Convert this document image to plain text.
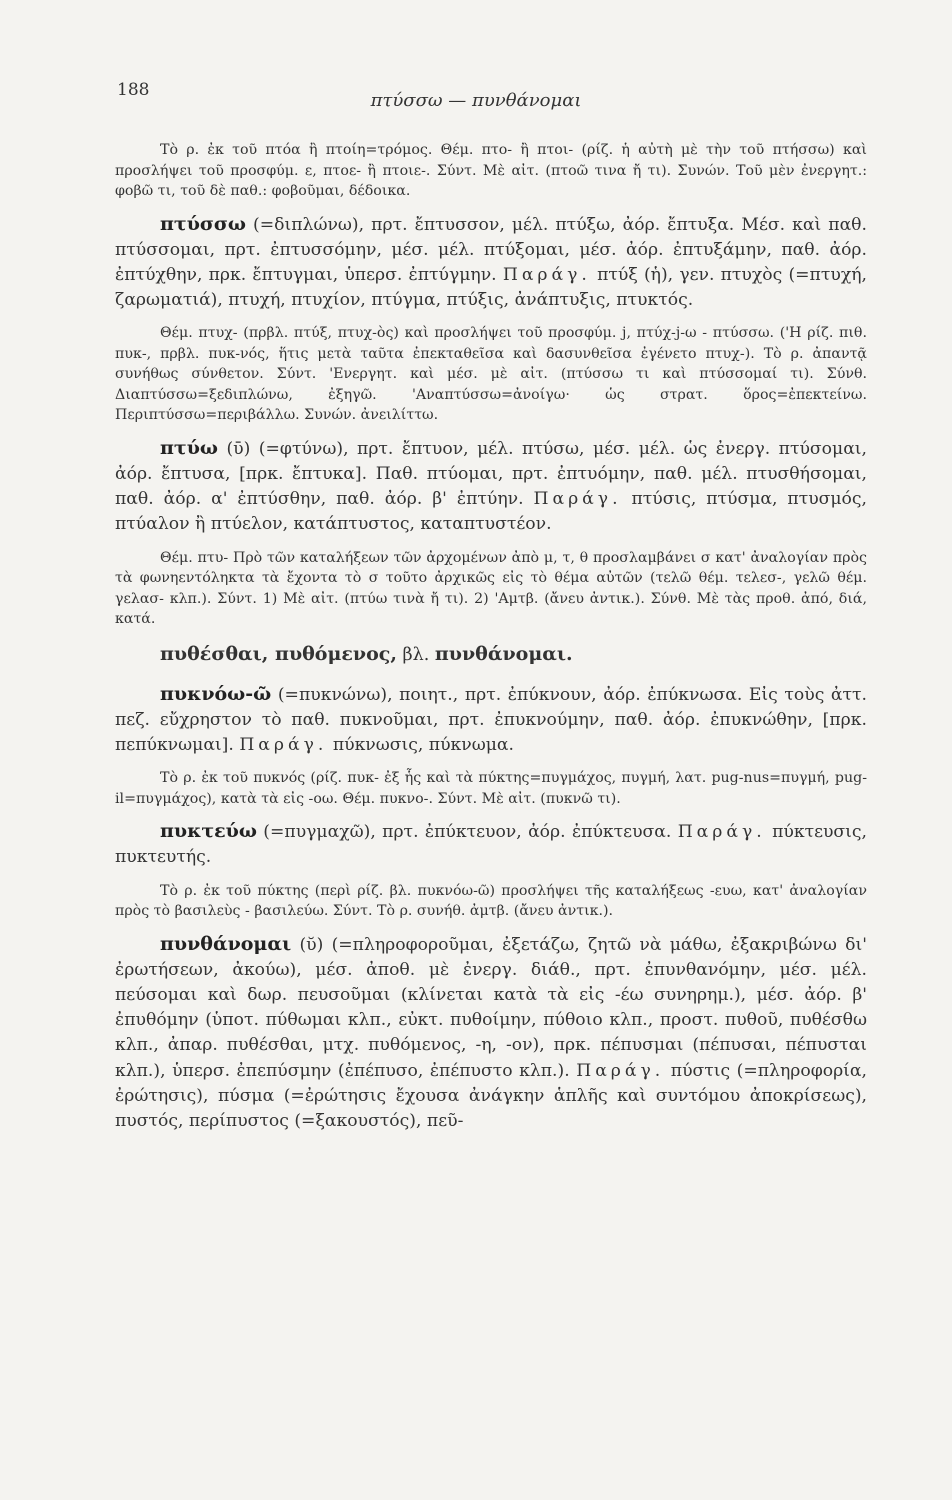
188	πτύσσω — πυνθάνομαι

Τὸ ρ. ἐκ τοῦ πτόα ἢ πτοίη=τρόμος. Θέμ. πτο- ἢ πτοι- (ρίζ. ἡ αὐτὴ μὲ τὴν τοῦ πτήσσω) καὶ προσλήψει τοῦ προσφύμ. ε, πτοε- ἢ πτοιε-. Σύντ. Μὲ αἰτ. (πτοῶ τινα ἤ τι). Συνών. Τοῦ μὲν ἐνεργητ.: φοβῶ τι, τοῦ δὲ παθ.: φοβοῦμαι, δέδοικα.

πτύσσω (=διπλώνω), πρτ. ἔπτυσσον, μέλ. πτύξω, ἀόρ. ἔπτυξα. Μέσ. καὶ παθ. πτύσσομαι, πρτ. ἐπτυσσόμην, μέσ. μέλ. πτύξομαι, μέσ. ἀόρ. ἐπτυξάμην, παθ. ἀόρ. ἐπτύχθην, πρκ. ἔπτυγμαι, ὑπερσ. ἐπτύγμην. Παράγ. πτύξ (ἡ), γεν. πτυχὸς (=πτυχή, ζαρωματιά), πτυχή, πτυχίον, πτύγμα, πτύξις, ἀνάπτυξις, πτυκτός.

Θέμ. πτυχ- (πρβλ. πτύξ, πτυχ-ὸς) καὶ προσλήψει τοῦ προσφύμ. j, πτύχ-j-ω - πτύσσω. ('Η ρίζ. πιθ. πυκ-, πρβλ. πυκ-νός, ἥτις μετὰ ταῦτα ἐπεκταθεῖσα καὶ δασυνθεῖσα ἐγένετο πτυχ-). Τὸ ρ. ἀπαντᾷ συνήθως σύνθετον. Σύντ. 'Ενεργητ. καὶ μέσ. μὲ αἰτ. (πτύσσω τι καὶ πτύσσομαί τι). Σύνθ. Διαπτύσσω=ξεδιπλώνω, ἐξηγῶ. 'Αναπτύσσω=ἀνοίγω· ὡς στρατ. ὅρος=ἐπεκτείνω. Περιπτύσσω=περιβάλλω. Συνών. ἀνειλίττω.

πτύω (ῡ) (=φτύνω), πρτ. ἔπτυον, μέλ. πτύσω, μέσ. μέλ. ὡς ἐνεργ. πτύσομαι, ἀόρ. ἔπτυσα, [πρκ. ἔπτυκα]. Παθ. πτύομαι, πρτ. ἐπτυόμην, παθ. μέλ. πτυσθήσομαι, παθ. ἀόρ. α' ἐπτύσθην, παθ. ἀόρ. β' ἐπτύην. Παράγ. πτύσις, πτύσμα, πτυσμός, πτύαλον ἢ πτύελον, κατάπτυστος, καταπτυστέον.

Θέμ. πτυ- Πρὸ τῶν καταλήξεων τῶν ἀρχομένων ἀπὸ μ, τ, θ προσλαμβάνει σ κατ' ἀναλογίαν πρὸς τὰ φωνηεντόληκτα τὰ ἔχοντα τὸ σ τοῦτο ἀρχικῶς εἰς τὸ θέμα αὐτῶν (τελῶ θέμ. τελεσ-, γελῶ θέμ. γελασ- κλπ.). Σύντ. 1) Μὲ αἰτ. (πτύω τινὰ ἤ τι). 2) 'Αμτβ. (ἄνευ ἀντικ.). Σύνθ. Μὲ τὰς προθ. ἀπό, διά, κατά.

πυθέσθαι, πυθόμενος, βλ. πυνθάνομαι.

πυκνόω-ῶ (=πυκνώνω), ποιητ., πρτ. ἐπύκνουν, ἀόρ. ἐπύκνωσα. Εἰς τοὺς ἀττ. πεζ. εὔχρηστον τὸ παθ. πυκνοῦμαι, πρτ. ἐπυκνούμην, παθ. ἀόρ. ἐπυκνώθην, [πρκ. πεπύκνωμαι]. Παράγ. πύκνωσις, πύκνωμα.

Τὸ ρ. ἐκ τοῦ πυκνός (ρίζ. πυκ- ἐξ ἧς καὶ τὰ πύκτης=πυγμάχος, πυγμή, λατ. pug-nus=πυγμή, pug-il=πυγμάχος), κατὰ τὰ εἰς -οω. Θέμ. πυκνο-. Σύντ. Μὲ αἰτ. (πυκνῶ τι).

πυκτεύω (=πυγμαχῶ), πρτ. ἐπύκτευον, ἀόρ. ἐπύκτευσα. Παράγ. πύκτευσις, πυκτευτής.

Τὸ ρ. ἐκ τοῦ πύκτης (περὶ ρίζ. βλ. πυκνόω-ῶ) προσλήψει τῆς καταλήξεως -ευω, κατ' ἀναλογίαν πρὸς τὸ βασιλεὺς - βασιλεύω. Σύντ. Τὸ ρ. συνήθ. ἀμτβ. (ἄνευ ἀντικ.).

πυνθάνομαι (ῠ) (=πληροφοροῦμαι, ἐξετάζω, ζητῶ νὰ μάθω, ἐξακριβώνω δι' ἐρωτήσεων, ἀκούω), μέσ. ἀποθ. μὲ ἐνεργ. διάθ., πρτ. ἐπυνθανόμην, μέσ. μέλ. πεύσομαι καὶ δωρ. πευσοῦμαι (κλίνεται κατὰ τὰ εἰς -έω συνηρημ.), μέσ. ἀόρ. β' ἐπυθόμην (ὑποτ. πύθωμαι κλπ., εὐκτ. πυθοίμην, πύθοιο κλπ., προστ. πυθοῦ, πυθέσθω κλπ., ἀπαρ. πυθέσθαι, μτχ. πυθόμενος, -η, -ον), πρκ. πέπυσμαι (πέπυσαι, πέπυσται κλπ.), ὑπερσ. ἐπεπύσμην (ἐπέπυσο, ἐπέπυστο κλπ.). Παράγ. πύστις (=πληροφορία, ἐρώτησις), πύσμα (=ἐρώτησις ἔχουσα ἀνάγκην ἁπλῆς καὶ συντόμου ἀποκρίσεως), πυστός, περίπυστος (=ξακουστός), πεῦ-
